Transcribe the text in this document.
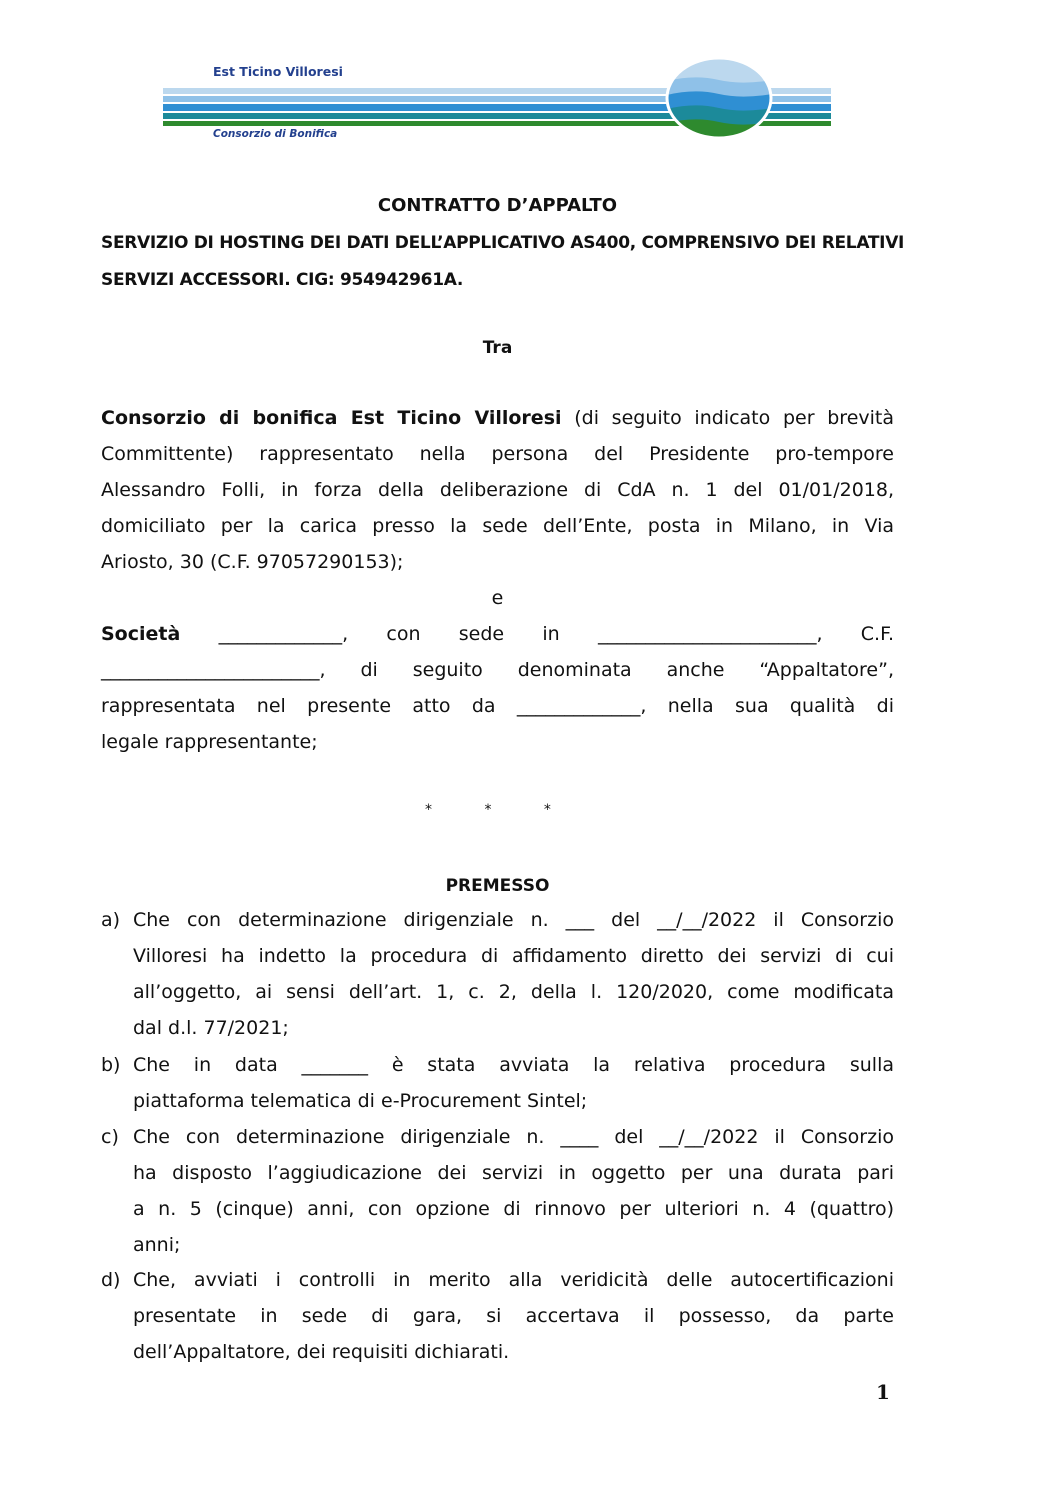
Est Ticino Villoresi
Consorzio di Bonifica
CONTRATTO D’APPALTO
SERVIZIO DI HOSTING DEI DATI DELL’APPLICATIVO AS400, COMPRENSIVO DEI RELATIVI
SERVIZI ACCESSORI. CIG: 954942961A.
Tra
Consorzio di bonifica Est Ticino Villoresi (di seguito indicato per brevità
Committente) rappresentato nella persona del Presidente pro-tempore
Alessandro Folli, in forza della deliberazione di CdA n. 1 del 01/01/2018,
domiciliato per la carica presso la sede dell’Ente, posta in Milano, in Via
Ariosto, 30 (C.F. 97057290153);
e
Società _____________, con sede in _______________________, C.F.
_______________________, di seguito denominata anche “Appaltatore”,
rappresentata nel presente atto da _____________, nella sua qualità di
legale rappresentante;
* * *
PREMESSO
a) Che con determinazione dirigenziale n. ___ del __/__/2022 il Consorzio
Villoresi ha indetto la procedura di affidamento diretto dei servizi di cui
all’oggetto, ai sensi dell’art. 1, c. 2, della l. 120/2020, come modificata
dal d.l. 77/2021;
b) Che in data _______ è stata avviata la relativa procedura sulla
piattaforma telematica di e-Procurement Sintel;
c) Che con determinazione dirigenziale n. ____ del __/__/2022 il Consorzio
ha disposto l’aggiudicazione dei servizi in oggetto per una durata pari
a n. 5 (cinque) anni, con opzione di rinnovo per ulteriori n. 4 (quattro)
anni;
d) Che, avviati i controlli in merito alla veridicità delle autocertificazioni
presentate in sede di gara, si accertava il possesso, da parte
dell’Appaltatore, dei requisiti dichiarati.
1
